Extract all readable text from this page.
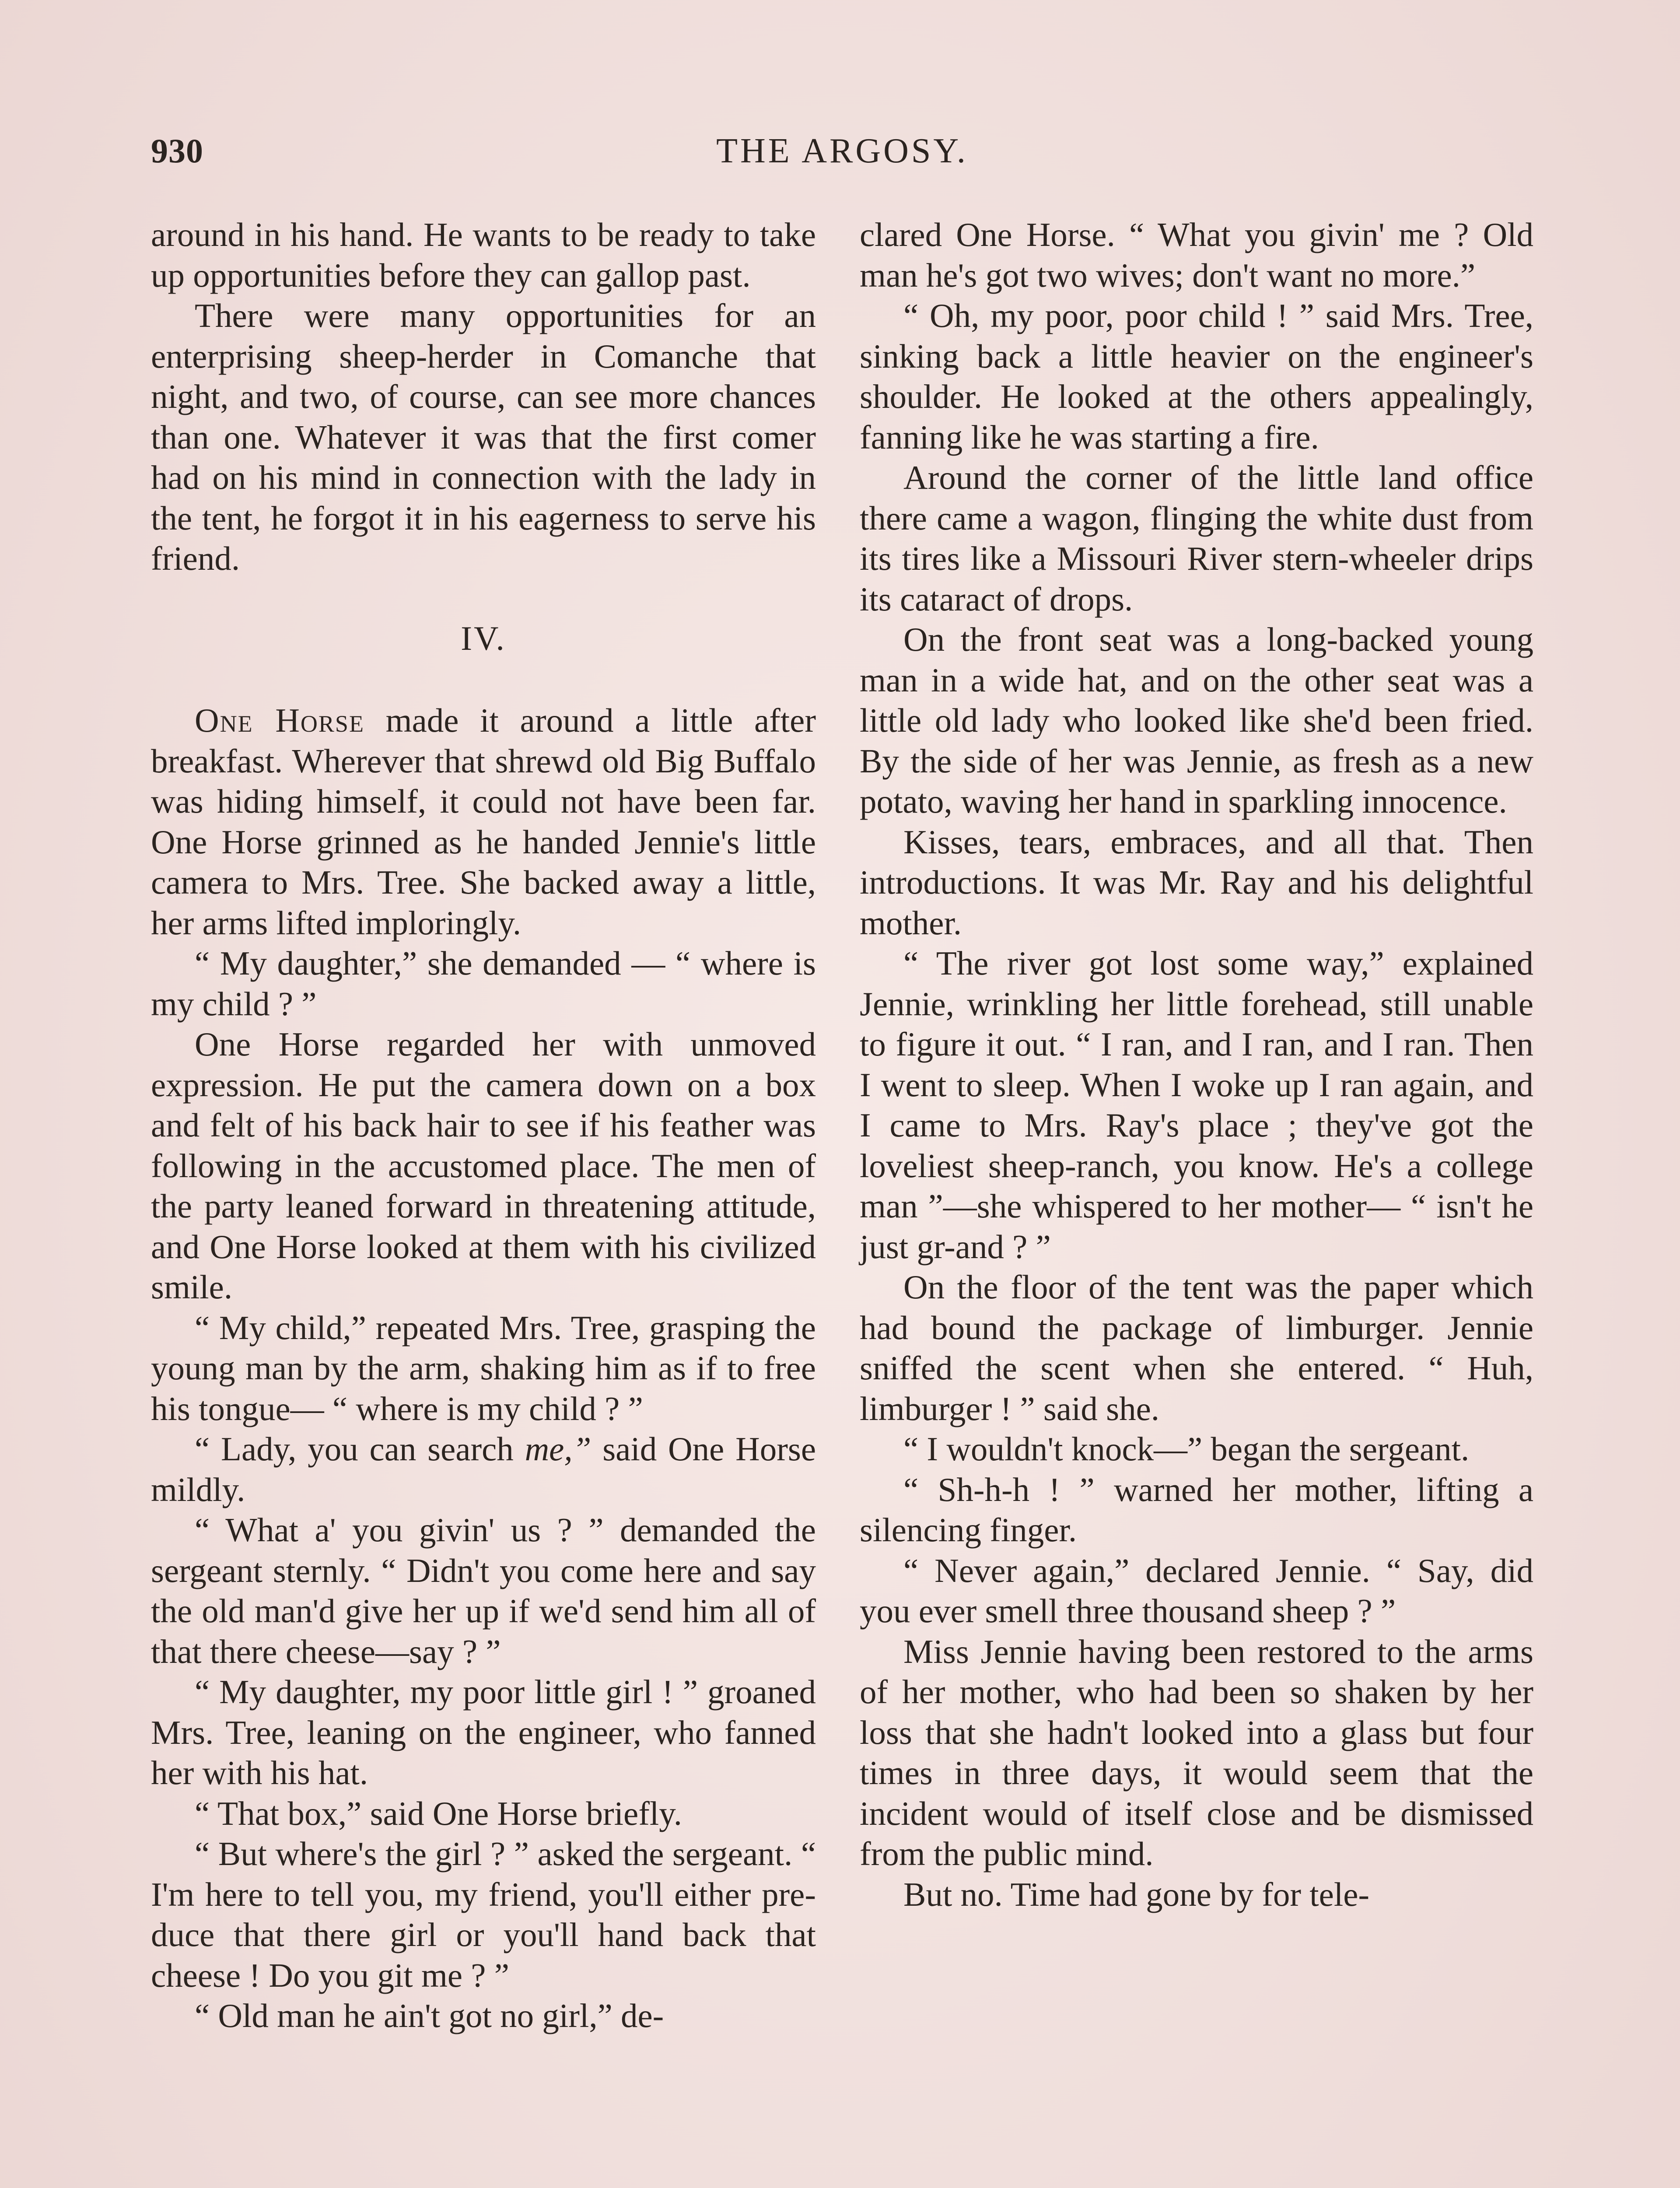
930	THE ARGOSY.

around in his hand. He wants to be ready to take up opportunities before they can gallop past.

There were many opportunities for an enterprising sheep-herder in Comanche that night, and two, of course, can see more chances than one. Whatever it was that the first comer had on his mind in connection with the lady in the tent, he forgot it in his eagerness to serve his friend.

IV.

One Horse made it around a little after breakfast. Wherever that shrewd old Big Buffalo was hiding himself, it could not have been far. One Horse grinned as he handed Jennie's little camera to Mrs. Tree. She backed away a little, her arms lifted imploringly.

“ My daughter,” she demanded — “ where is my child ? ”

One Horse regarded her with unmoved expression. He put the camera down on a box and felt of his back hair to see if his feather was following in the accustomed place. The men of the party leaned forward in threatening attitude, and One Horse looked at them with his civilized smile.

“ My child,” repeated Mrs. Tree, grasping the young man by the arm, shaking him as if to free his tongue— “ where is my child ? ”

“ Lady, you can search me,” said One Horse mildly.

“ What a' you givin' us ? ” demanded the sergeant sternly. “ Didn't you come here and say the old man'd give her up if we'd send him all of that there cheese—say ? ”

“ My daughter, my poor little girl ! ” groaned Mrs. Tree, leaning on the engineer, who fanned her with his hat.

“ That box,” said One Horse briefly.

“ But where's the girl ? ” asked the sergeant. “ I'm here to tell you, my friend, you'll either pre-duce that there girl or you'll hand back that cheese ! Do you git me ? ”

“ Old man he ain't got no girl,” de-

clared One Horse. “ What you givin' me ? Old man he's got two wives; don't want no more.”

“ Oh, my poor, poor child ! ” said Mrs. Tree, sinking back a little heavier on the engineer's shoulder. He looked at the others appealingly, fanning like he was starting a fire.

Around the corner of the little land office there came a wagon, flinging the white dust from its tires like a Missouri River stern-wheeler drips its cataract of drops.

On the front seat was a long-backed young man in a wide hat, and on the other seat was a little old lady who looked like she'd been fried. By the side of her was Jennie, as fresh as a new potato, waving her hand in sparkling innocence.

Kisses, tears, embraces, and all that. Then introductions. It was Mr. Ray and his delightful mother.

“ The river got lost some way,” explained Jennie, wrinkling her little forehead, still unable to figure it out. “ I ran, and I ran, and I ran. Then I went to sleep. When I woke up I ran again, and I came to Mrs. Ray's place ; they've got the loveliest sheep-ranch, you know. He's a college man ”—she whispered to her mother— “ isn't he just gr-and ? ”

On the floor of the tent was the paper which had bound the package of limburger. Jennie sniffed the scent when she entered. “ Huh, limburger ! ” said she.

“ I wouldn't knock—” began the sergeant.

“ Sh-h-h ! ” warned her mother, lifting a silencing finger.

“ Never again,” declared Jennie. “ Say, did you ever smell three thousand sheep ? ”

Miss Jennie having been restored to the arms of her mother, who had been so shaken by her loss that she hadn't looked into a glass but four times in three days, it would seem that the incident would of itself close and be dismissed from the public mind.

But no. Time had gone by for tele-
